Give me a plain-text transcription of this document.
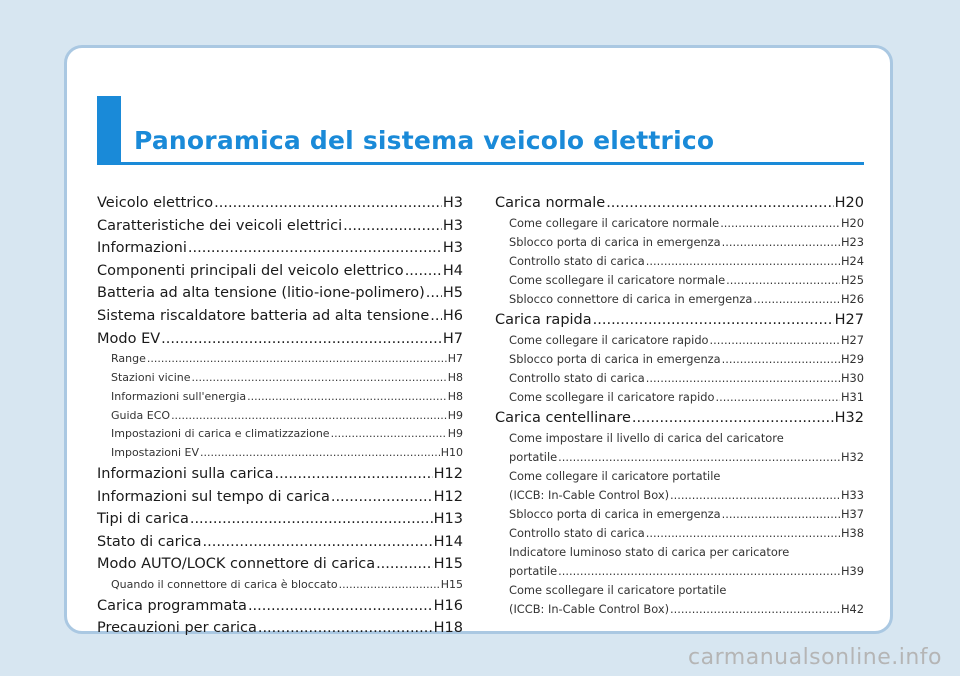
Panoramica del sistema veicolo elettrico
Veicolo elettrico .....	H3
Caratteristiche dei veicoli elettrici .....	H3
Informazioni .....	H3
Componenti principali del veicolo elettrico .....	H4
Batteria ad alta tensione (litio-ione-polimero) ..... H5
Sistema riscaldatore batteria ad alta tensione ..... H6
Modo EV .....	H7
Range .....	H7
Stazioni vicine .....	H8
Informazioni sull'energia .....	H8
Guida ECO .....	H9
Impostazioni di carica e climatizzazione .....	H9
Impostazioni EV .....	H10
Informazioni sulla carica .....	H12
Informazioni sul tempo di carica .....	H12
Tipi di carica .....	H13
Stato di carica .....	H14
Modo AUTO/LOCK connettore di carica .....	H15
Quando il connettore di carica è bloccato .....	H15
Carica programmata .....	H16
Precauzioni per carica .....	H18
Carica normale .....	H20
Come collegare il caricatore normale .....	H20
Sblocco porta di carica in emergenza .....	H23
Controllo stato di carica .....	H24
Come scollegare il caricatore normale .....	H25
Sblocco connettore di carica in emergenza .....	H26
Carica rapida .....	H27
Come collegare il caricatore rapido .....	H27
Sblocco porta di carica in emergenza .....	H29
Controllo stato di carica .....	H30
Come scollegare il caricatore rapido .....	H31
Carica centellinare .....	H32
Come impostare il livello di carica del caricatore
portatile .....	H32
Come collegare il caricatore portatile
(ICCB: In-Cable Control Box) .....	H33
Sblocco porta di carica in emergenza .....	H37
Controllo stato di carica .....	H38
Indicatore luminoso stato di carica per caricatore
portatile .....	H39
Come scollegare il caricatore portatile
(ICCB: In-Cable Control Box) .....	H42
carmanualsonline.info
